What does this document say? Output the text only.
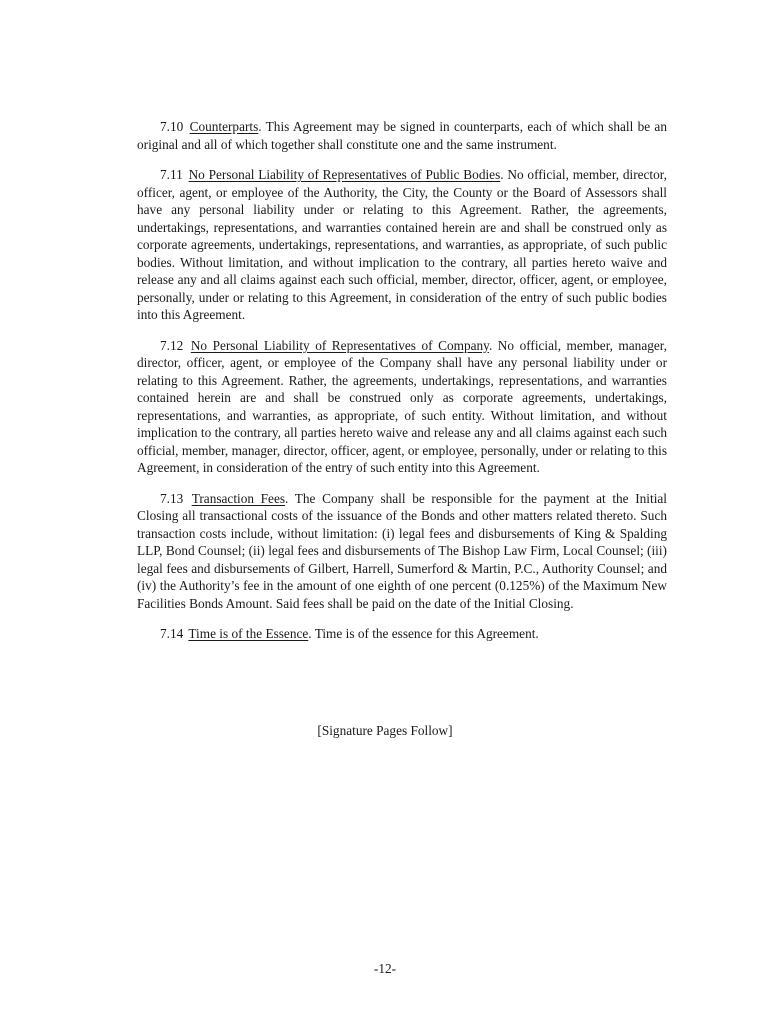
7.10 Counterparts. This Agreement may be signed in counterparts, each of which shall be an original and all of which together shall constitute one and the same instrument.

7.11 No Personal Liability of Representatives of Public Bodies. No official, member, director, officer, agent, or employee of the Authority, the City, the County or the Board of Assessors shall have any personal liability under or relating to this Agreement. Rather, the agreements, undertakings, representations, and warranties contained herein are and shall be construed only as corporate agreements, undertakings, representations, and warranties, as appropriate, of such public bodies. Without limitation, and without implication to the contrary, all parties hereto waive and release any and all claims against each such official, member, director, officer, agent, or employee, personally, under or relating to this Agreement, in consideration of the entry of such public bodies into this Agreement.

7.12 No Personal Liability of Representatives of Company. No official, member, manager, director, officer, agent, or employee of the Company shall have any personal liability under or relating to this Agreement. Rather, the agreements, undertakings, representations, and warranties contained herein are and shall be construed only as corporate agreements, undertakings, representations, and warranties, as appropriate, of such entity. Without limitation, and without implication to the contrary, all parties hereto waive and release any and all claims against each such official, member, manager, director, officer, agent, or employee, personally, under or relating to this Agreement, in consideration of the entry of such entity into this Agreement.

7.13 Transaction Fees. The Company shall be responsible for the payment at the Initial Closing all transactional costs of the issuance of the Bonds and other matters related thereto. Such transaction costs include, without limitation: (i) legal fees and disbursements of King & Spalding LLP, Bond Counsel; (ii) legal fees and disbursements of The Bishop Law Firm, Local Counsel; (iii) legal fees and disbursements of Gilbert, Harrell, Sumerford & Martin, P.C., Authority Counsel; and (iv) the Authority’s fee in the amount of one eighth of one percent (0.125%) of the Maximum New Facilities Bonds Amount. Said fees shall be paid on the date of the Initial Closing.

7.14 Time is of the Essence. Time is of the essence for this Agreement.

[Signature Pages Follow]
-12-
